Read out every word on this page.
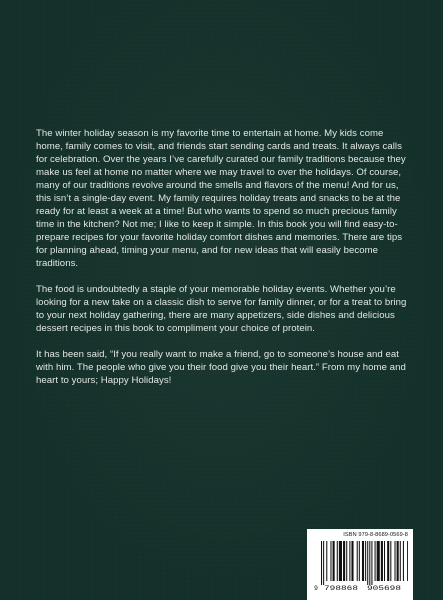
The winter holiday season is my favorite time to entertain at home. My kids come home, family comes to visit, and friends start sending cards and treats. It always calls for celebration. Over the years I’ve carefully curated our family traditions because they make us feel at home no matter where we may travel to over the holidays. Of course, many of our traditions revolve around the smells and flavors of the menu! And for us, this isn’t a single-day event. My family requires holiday treats and snacks to be at the ready for at least a week at a time! But who wants to spend so much precious family time in the kitchen? Not me; I like to keep it simple. In this book you will find easy-to-prepare recipes for your favorite holiday comfort dishes and memories. There are tips for planning ahead, timing your menu, and for new ideas that will easily become traditions.

The food is undoubtedly a staple of your memorable holiday events. Whether you’re looking for a new take on a classic dish to serve for family dinner, or for a treat to bring to your next holiday gathering, there are many appetizers, side dishes and delicious dessert recipes in this book to compliment your choice of protein.

It has been said, “If you really want to make a friend, go to someone’s house and eat with him. The people who give you their food give you their heart.” From my home and heart to yours; Happy Holidays!

ISBN 979-8-8689-0569-8
9 798868 905698
